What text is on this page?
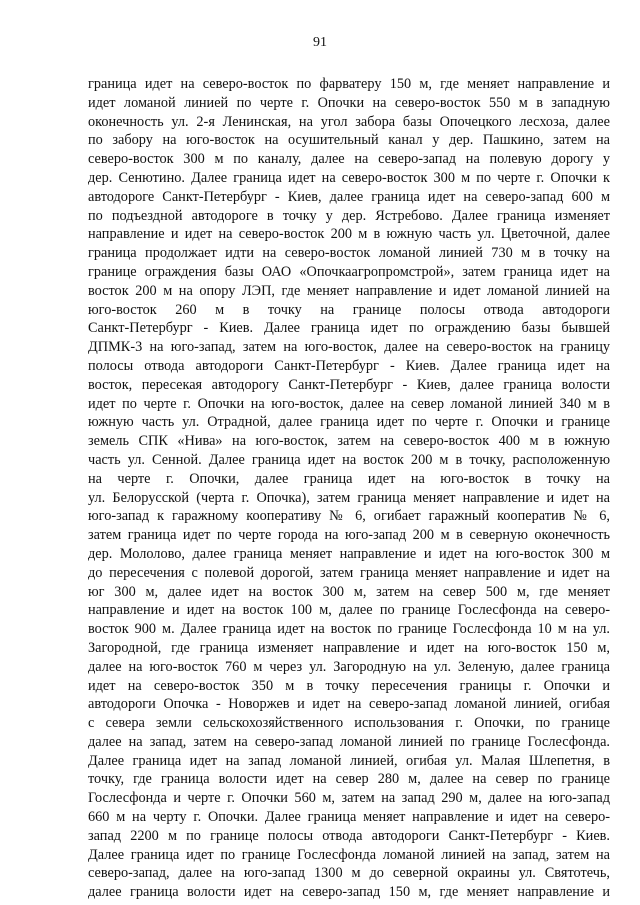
91
граница идет на северо-восток по фарватеру 150 м, где меняет направление и
идет ломаной линией по черте г. Опочки на северо-восток 550 м в западную
оконечность ул. 2-я Ленинская, на угол забора базы Опочецкого лесхоза, далее
по забору на юго-восток на осушительный канал у дер. Пашкино, затем на
северо-восток 300 м по каналу, далее на северо-запад на полевую дорогу у
дер. Сенютино. Далее граница идет на северо-восток 300 м по черте г. Опочки к
автодороге Санкт-Петербург - Киев, далее граница идет на северо-запад 600 м
по подъездной автодороге в точку у дер. Ястребово. Далее граница изменяет
направление и идет на северо-восток 200 м в южную часть ул. Цветочной, далее
граница продолжает идти на северо-восток ломаной линией 730 м в точку на
границе ограждения базы ОАО «Опочкаагропромстрой», затем граница идет на
восток 200 м на опору ЛЭП, где меняет направление и идет ломаной линией на
юго-восток 260 м в точку на границе полосы отвода автодороги
Санкт-Петербург - Киев. Далее граница идет по ограждению базы бывшей
ДПМК-3 на юго-запад, затем на юго-восток, далее на северо-восток на границу
полосы отвода автодороги Санкт-Петербург - Киев. Далее граница идет на
восток, пересекая автодорогу Санкт-Петербург - Киев, далее граница волости
идет по черте г. Опочки на юго-восток, далее на север ломаной линией 340 м в
южную часть ул. Отрадной, далее граница идет по черте г. Опочки и границе
земель СПК «Нива» на юго-восток, затем на северо-восток 400 м в южную
часть ул. Сенной. Далее граница идет на восток 200 м в точку, расположенную
на черте г. Опочки, далее граница идет на юго-восток в точку на
ул. Белорусской (черта г. Опочка), затем граница меняет направление и идет на
юго-запад к гаражному кооперативу № 6, огибает гаражный кооператив № 6,
затем граница идет по черте города на юго-запад 200 м в северную оконечность
дер. Мололово, далее граница меняет направление и идет на юго-восток 300 м
до пересечения с полевой дорогой, затем граница меняет направление и идет на
юг 300 м, далее идет на восток 300 м, затем на север 500 м, где меняет
направление и идет на восток 100 м, далее по границе Гослесфонда на северо-
восток 900 м. Далее граница идет на восток по границе Гослесфонда 10 м на ул.
Загородной, где граница изменяет направление и идет на юго-восток 150 м,
далее на юго-восток 760 м через ул. Загородную на ул. Зеленую, далее граница
идет на северо-восток 350 м в точку пересечения границы г. Опочки и
автодороги Опочка - Новоржев и идет на северо-запад ломаной линией, огибая
с севера земли сельскохозяйственного использования г. Опочки, по границе
далее на запад, затем на северо-запад ломаной линией по границе Гослесфонда.
Далее граница идет на запад ломаной линией, огибая ул. Малая Шлепетня, в
точку, где граница волости идет на север 280 м, далее на север по границе
Гослесфонда и черте г. Опочки 560 м, затем на запад 290 м, далее на юго-запад
660 м на черту г. Опочки. Далее граница меняет направление и идет на северо-
запад 2200 м по границе полосы отвода автодороги Санкт-Петербург - Киев.
Далее граница идет по границе Гослесфонда ломаной линией на запад, затем на
северо-запад, далее на юго-запад 1300 м до северной окраины ул. Святотечь,
далее граница волости идет на северо-запад 150 м, где меняет направление и
